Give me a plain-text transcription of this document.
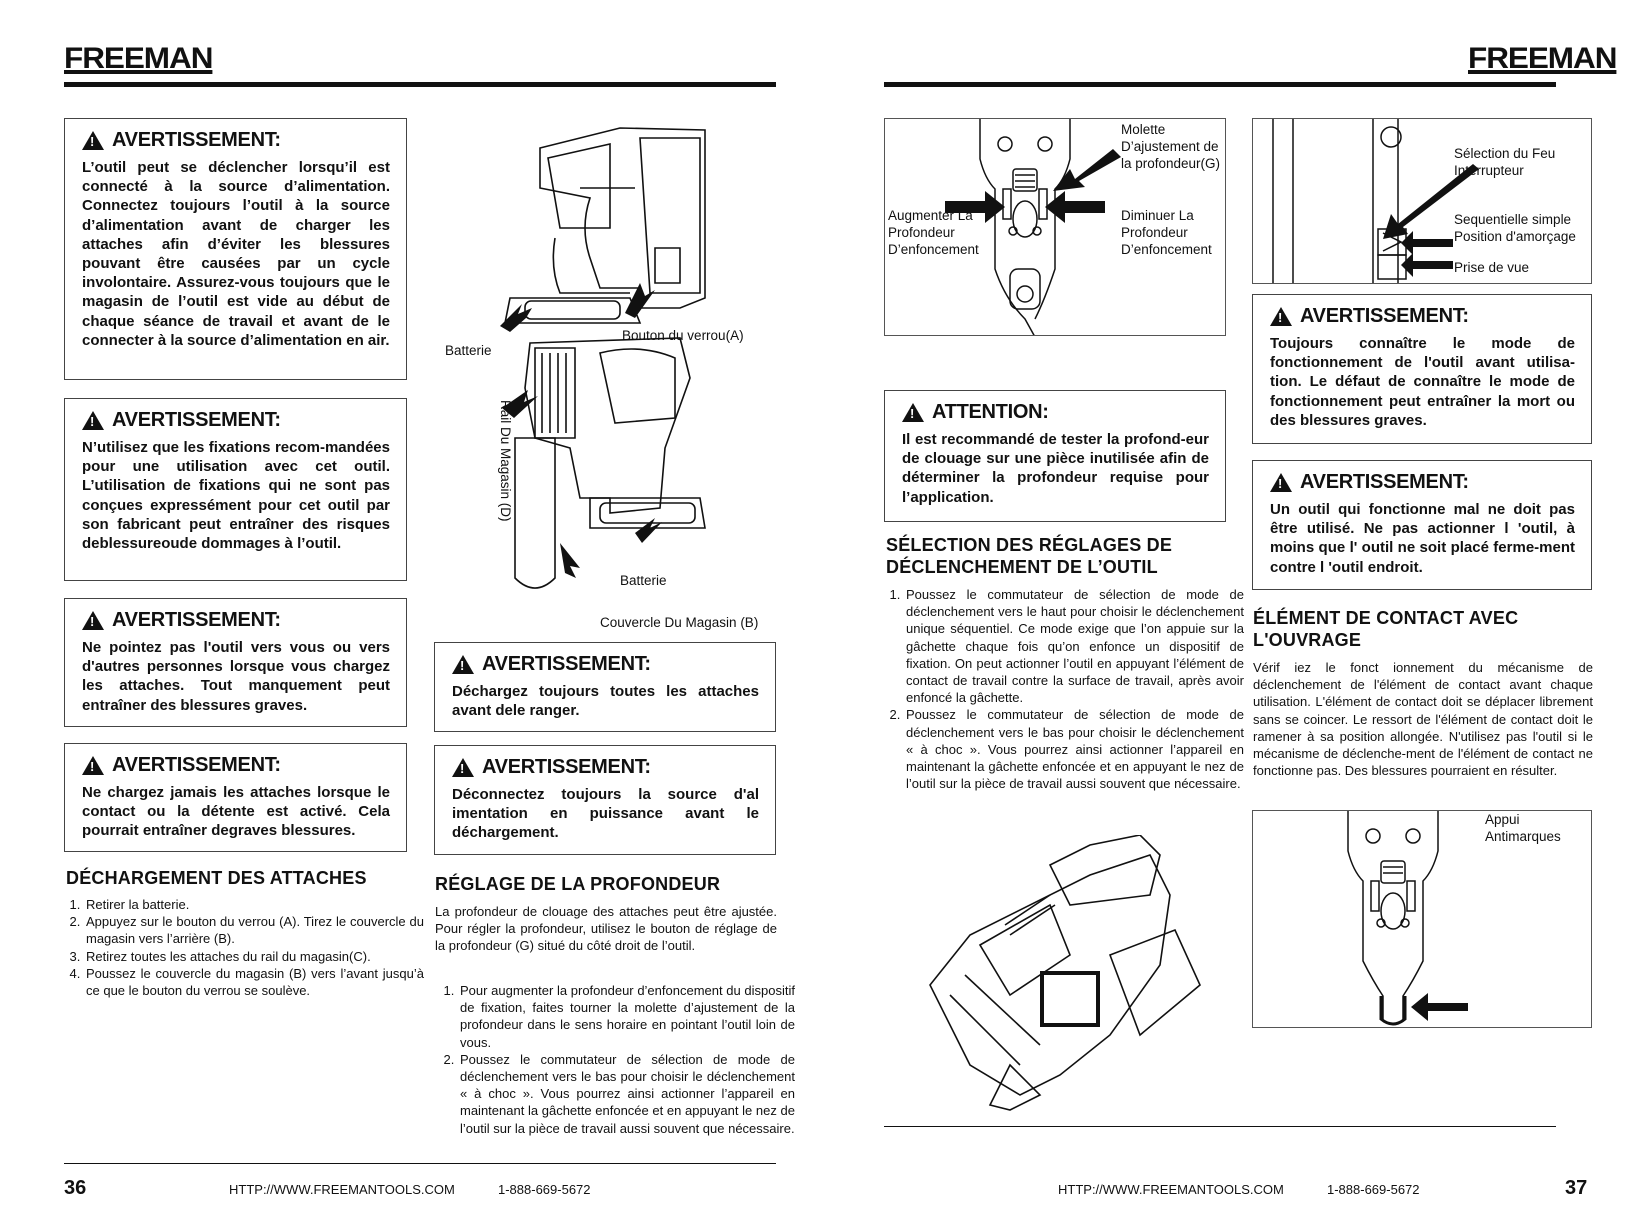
FREEMAN
!
AVERTISSEMENT:
L’outil peut se déclencher lorsqu’il est connecté à la source d’alimentation. Connectez toujours l’outil à la source d’alimentation avant de charger les attaches afin d’éviter les blessures pouvant être causées par un cycle involontaire. Assurez-vous toujours que le magasin de l’outil est vide au début de chaque séance de travail et avant de le connecter à la source d’alimentation en air.
!
AVERTISSEMENT:
N’utilisez que les fixations recom-mandées pour une utilisation avec cet outil. L’utilisation de fixations qui ne sont pas conçues expressément pour cet outil par son fabricant peut entraîner des risques deblessureoude dommages à l’outil.
!
AVERTISSEMENT:
Ne pointez pas l'outil vers vous ou vers d'autres personnes lorsque vous chargez les attaches. Tout manquement peut entraîner des blessures graves.
!
AVERTISSEMENT:
Ne chargez jamais les attaches lorsque le contact ou la détente est activé. Cela pourrait entraîner degraves blessures.
DÉCHARGEMENT DES ATTACHES
1. Retirer la batterie.
2. Appuyez sur le bouton du verrou (A). Tirez le couvercle du magasin vers l’arrière (B).
3. Retirez toutes les attaches du rail du magasin(C).
4. Poussez le couvercle du magasin (B) vers l’avant jusqu’à ce que le bouton du verrou se soulève.
Batterie
Bouton du verrou(A)
Rail Du Magasin (D)
Batterie
Couvercle Du Magasin (B)
!
AVERTISSEMENT:
Déchargez toujours toutes les attaches avant dele ranger.
!
AVERTISSEMENT:
Déconnectez toujours la source d'al imentation en puissance avant le déchargement.
RÉGLAGE DE LA PROFONDEUR

La profondeur de clouage des attaches peut être ajustée. Pour régler la profondeur, utilisez le bouton de réglage de la profondeur (G) situé du côté droit de l’outil.

1. Pour augmenter la profondeur d’enfoncement du dispositif de fixation, faites tourner la molette d’ajustement de la profondeur dans le sens horaire en pointant l’outil loin de vous.
2. Poussez le commutateur de sélection de mode de déclenchement vers le bas pour choisir le déclenchement « à choc ». Vous pourrez ainsi actionner l’appareil en maintenant la gâchette enfoncée et en appuyant le nez de l’outil sur la pièce de travail aussi souvent que nécessaire.
36	HTTP://WWW.FREEMANTOOLS.COM	1-888-669-5672
FREEMAN
Molette D’ajustement de la profondeur(G)
Augmenter La Profondeur D’enfoncement
Diminuer La Profondeur D’enfoncement
!
ATTENTION:
Il est recommandé de tester la profond-eur de clouage sur une pièce inutilisée afin de déterminer la profondeur requise pour l’application.
SÉLECTION DES RÉGLAGES DE DÉCLENCHEMENT DE L’OUTIL
1. Poussez le commutateur de sélection de mode de déclenchement vers le haut pour choisir le déclenchement unique séquentiel. Ce mode exige que l’on appuie sur la gâchette chaque fois qu’on enfonce un dispositif de fixation. On peut actionner l’outil en appuyant l’élément de contact de travail contre la surface de travail, après avoir enfoncé la gâchette.
2. Poussez le commutateur de sélection de mode de déclenchement vers le bas pour choisir le déclenchement « à choc ». Vous pourrez ainsi actionner l’appareil en maintenant la gâchette enfoncée et en appuyant le nez de l’outil sur la pièce de travail aussi souvent que nécessaire.
Sélection du Feu Interrupteur
Sequentielle simple Position d'amorçage
Prise de vue
!
AVERTISSEMENT:
Toujours connaître le mode de fonctionnement de l'outil avant utilisa-tion. Le défaut de connaître le mode de fonctionnement peut entraîner la mort ou des blessures graves.
!
AVERTISSEMENT:
Un outil qui fonctionne mal ne doit pas être utilisé. Ne pas actionner l 'outil, à moins que l' outil ne soit placé ferme-ment contre l 'outil endroit.
ÉLÉMENT DE CONTACT AVEC L'OUVRAGE

Vérif iez le fonct ionnement du mécanisme de déclenchement de l'élément de contact avant chaque utilisation. L'élément de contact doit se déplacer librement sans se coincer. Le ressort de l'élément de contact doit le ramener à sa position allongée. N'utilisez pas l'outil si le mécanisme de déclenche-ment de l'élément de contact ne fonctionne pas. Des blessures pourraient en résulter.

Appui Antimarques
HTTP://WWW.FREEMANTOOLS.COM	1-888-669-5672	37
